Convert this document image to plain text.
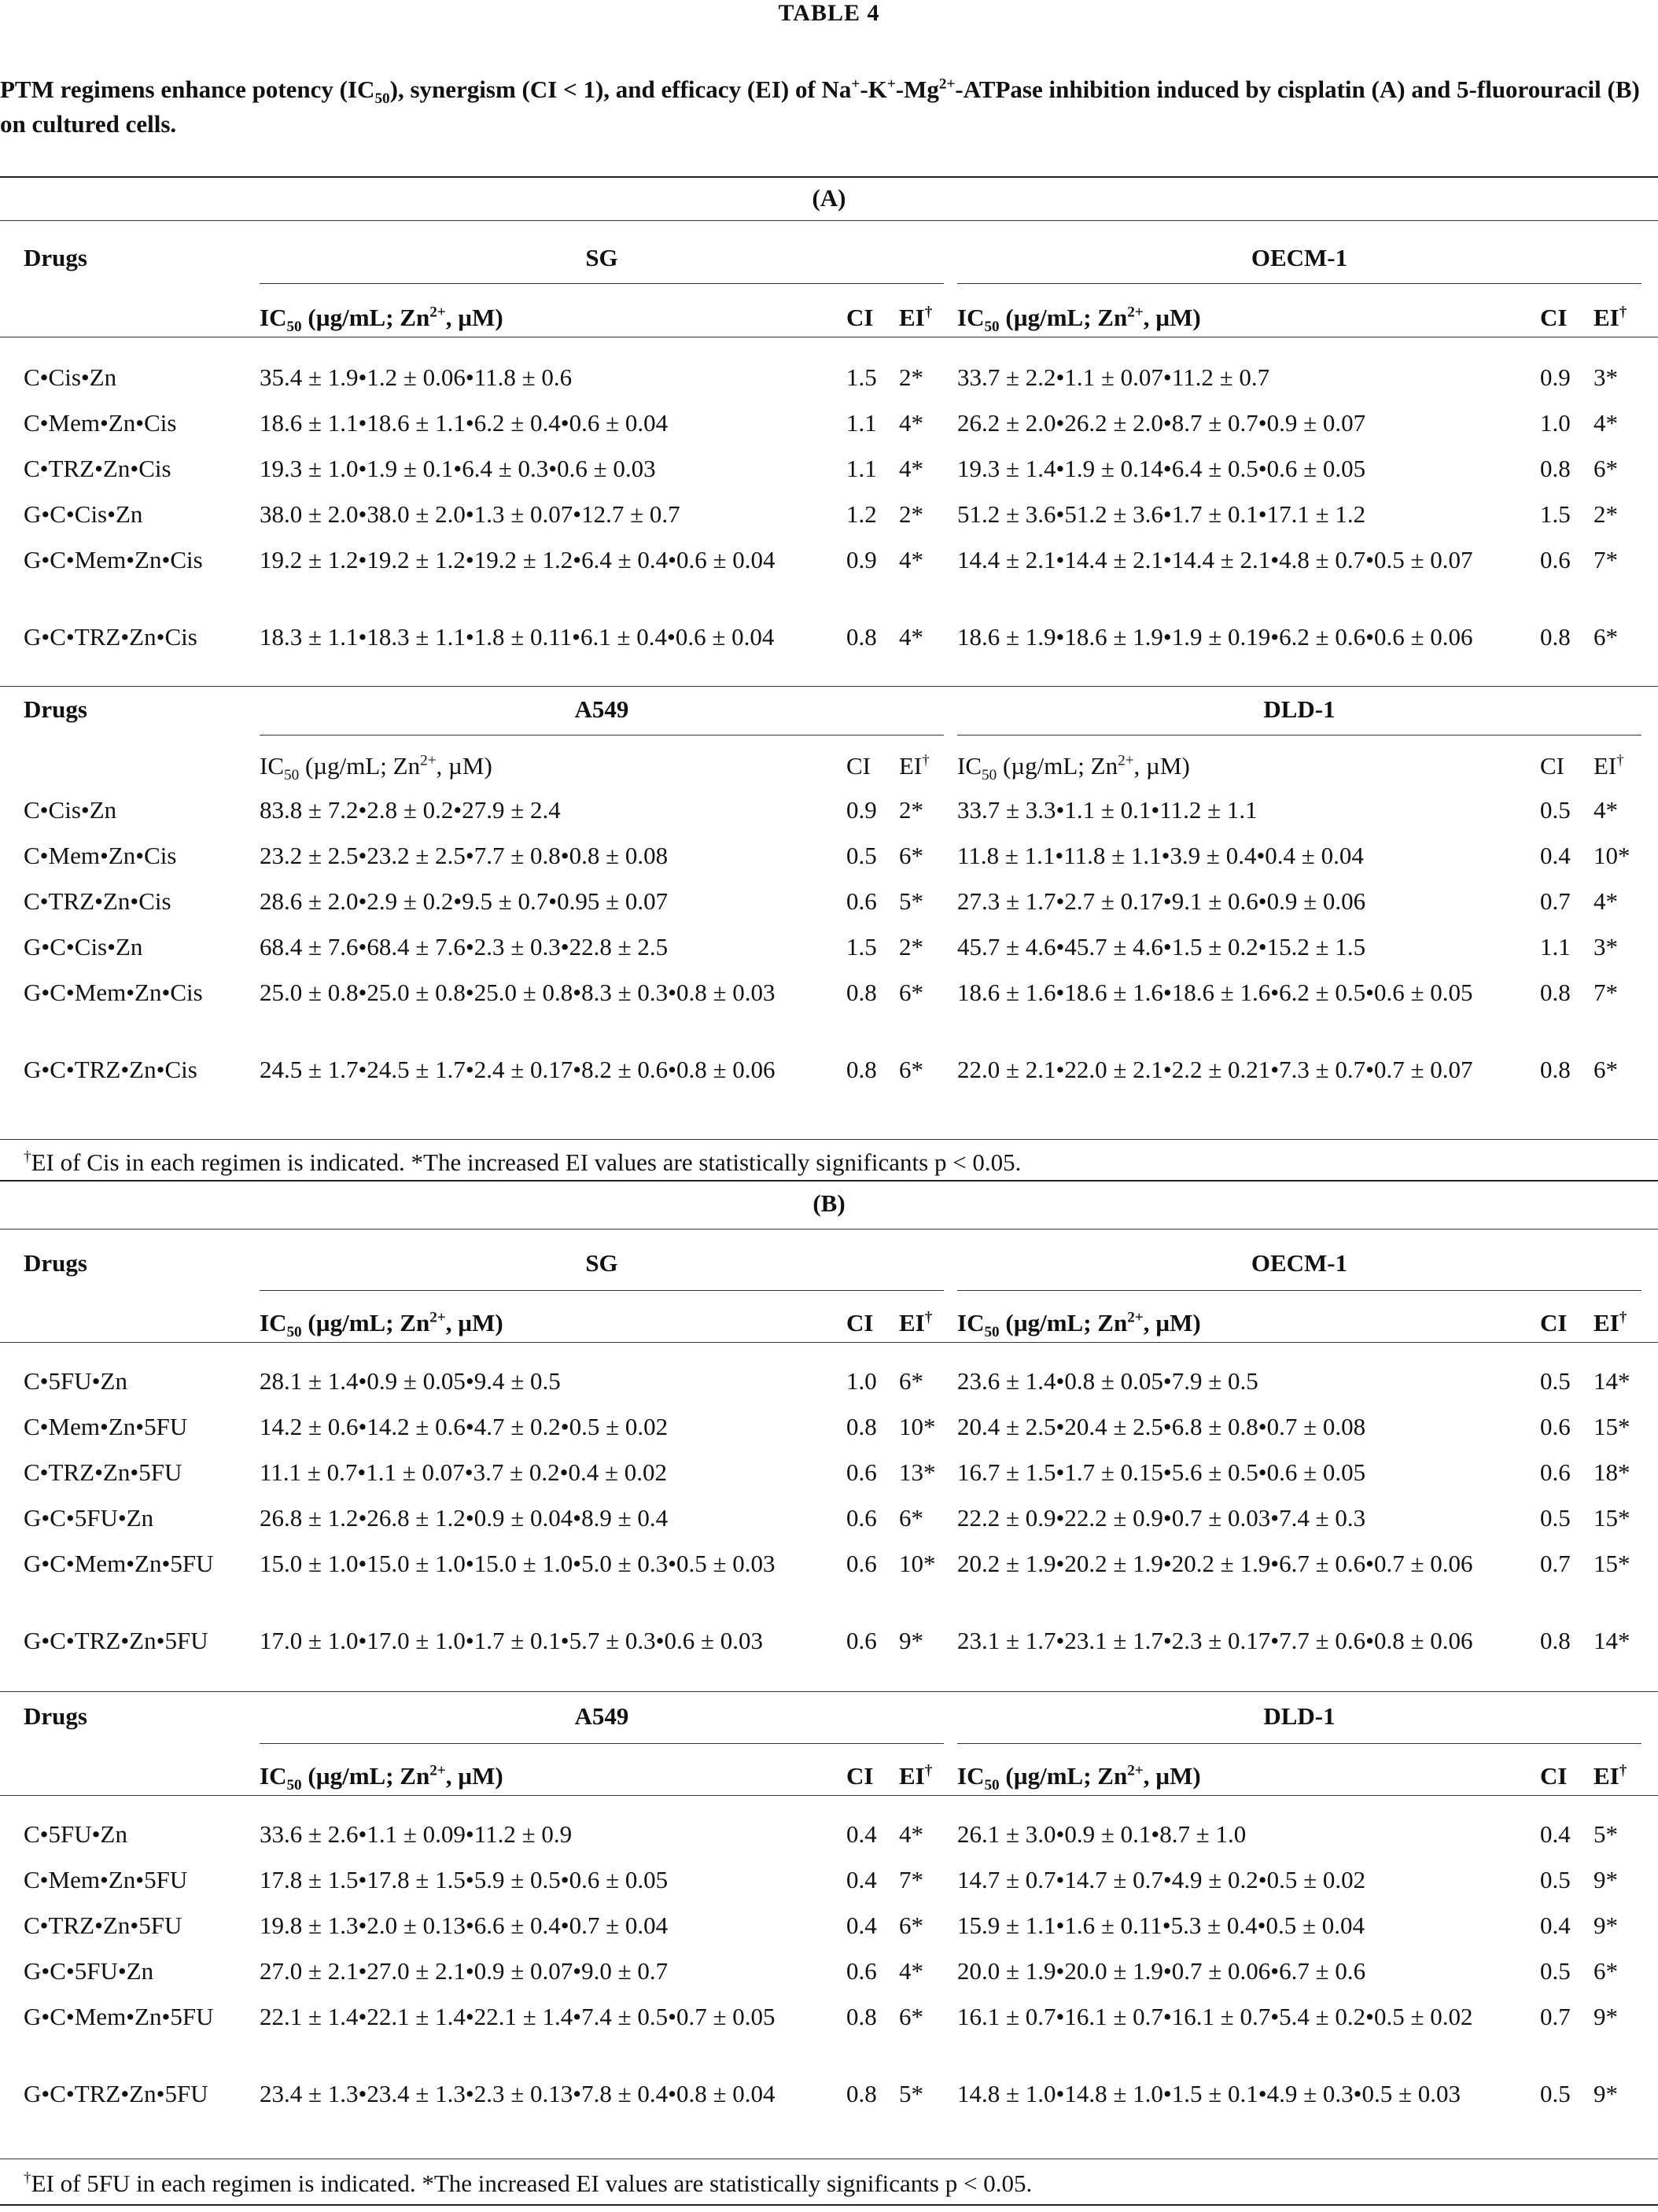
TABLE 4
PTM regimens enhance potency $(IC_{50})$, synergism (CI < 1), and efficacy (EI) of $Na^+-K^+-Mg^{2+}$-ATPase inhibition induced by cisplatin (A) and 5-fluorouracil (B) on cultured cells.
(A)
Drugs	SG	OECM-1
$IC_{50}$ (µg/mL; $Zn^{2+}$, µM)	CI EI† $IC_{50}$ (µg/mL; $Zn^{2+}$, µM)	CI EI†
C•Cis•Zn	35.4 ± 1.9•1.2 ± 0.06•11.8 ± 0.6	1.5 2* 33.7 ± 2.2•1.1 ± 0.07•11.2 ± 0.7	0.9 3*
C•Mem•Zn•Cis	18.6 ± 1.1•18.6 ± 1.1•6.2 ± 0.4•0.6 ± 0.04	1.1 4* 26.2 ± 2.0•26.2 ± 2.0•8.7 ± 0.7•0.9 ± 0.07	1.0 4*
C•TRZ•Zn•Cis	19.3 ± 1.0•1.9 ± 0.1•6.4 ± 0.3•0.6 ± 0.03	1.1 4* 19.3 ± 1.4•1.9 ± 0.14•6.4 ± 0.5•0.6 ± 0.05	0.8 6*
G•C•Cis•Zn	38.0 ± 2.0•38.0 ± 2.0•1.3 ± 0.07•12.7 ± 0.7	1.2 2* 51.2 ± 3.6•51.2 ± 3.6•1.7 ± 0.1•17.1 ± 1.2	1.5 2*
G•C•Mem•Zn•Cis 19.2 ± 1.2•19.2 ± 1.2•19.2 ± 1.2•6.4 ± 0.4•0.6 ± 0.04	0.9 4* 14.4 ± 2.1•14.4 ± 2.1•14.4 ± 2.1•4.8 ± 0.7•0.5 ± 0.07	0.6 7*
G•C•TRZ•Zn•Cis	18.3 ± 1.1•18.3 ± 1.1•1.8 ± 0.11•6.1 ± 0.4•0.6 ± 0.04	0.8 4* 18.6 ± 1.9•18.6 ± 1.9•1.9 ± 0.19•6.2 ± 0.6•0.6 ± 0.06	0.8 6*
Drugs	A549	DLD-1
$IC_{50}$ (µg/mL; $Zn^{2+}$, µM)	CI EI† $IC_{50}$ (µg/mL; $Zn^{2+}$, µM)	CI EI†
C•Cis•Zn	83.8 ± 7.2•2.8 ± 0.2•27.9 ± 2.4	0.9 2* 33.7 ± 3.3•1.1 ± 0.1•11.2 ± 1.1	0.5 4*
C•Mem•Zn•Cis	23.2 ± 2.5•23.2 ± 2.5•7.7 ± 0.8•0.8 ± 0.08	0.5 6* 11.8 ± 1.1•11.8 ± 1.1•3.9 ± 0.4•0.4 ± 0.04	0.4 10*
C•TRZ•Zn•Cis	28.6 ± 2.0•2.9 ± 0.2•9.5 ± 0.7•0.95 ± 0.07	0.6 5* 27.3 ± 1.7•2.7 ± 0.17•9.1 ± 0.6•0.9 ± 0.06	0.7 4*
G•C•Cis•Zn	68.4 ± 7.6•68.4 ± 7.6•2.3 ± 0.3•22.8 ± 2.5	1.5 2* 45.7 ± 4.6•45.7 ± 4.6•1.5 ± 0.2•15.2 ± 1.5	1.1 3*
G•C•Mem•Zn•Cis 25.0 ± 0.8•25.0 ± 0.8•25.0 ± 0.8•8.3 ± 0.3•0.8 ± 0.03	0.8 6* 18.6 ± 1.6•18.6 ± 1.6•18.6 ± 1.6•6.2 ± 0.5•0.6 ± 0.05	0.8 7*
G•C•TRZ•Zn•Cis	24.5 ± 1.7•24.5 ± 1.7•2.4 ± 0.17•8.2 ± 0.6•0.8 ± 0.06	0.8 6* 22.0 ± 2.1•22.0 ± 2.1•2.2 ± 0.21•7.3 ± 0.7•0.7 ± 0.07	0.8 6*
†EI of Cis in each regimen is indicated. *The increased EI values are statistically significants p < 0.05.
(B)
Drugs	SG	OECM-1
$IC_{50}$ (µg/mL; $Zn^{2+}$, µM)	CI EI† $IC_{50}$ (µg/mL; $Zn^{2+}$, µM)	CI EI†
C•5FU•Zn	28.1 ± 1.4•0.9 ± 0.05•9.4 ± 0.5	1.0 6* 23.6 ± 1.4•0.8 ± 0.05•7.9 ± 0.5	0.5 14*
C•Mem•Zn•5FU	14.2 ± 0.6•14.2 ± 0.6•4.7 ± 0.2•0.5 ± 0.02	0.8 10* 20.4 ± 2.5•20.4 ± 2.5•6.8 ± 0.8•0.7 ± 0.08	0.6 15*
C•TRZ•Zn•5FU	11.1 ± 0.7•1.1 ± 0.07•3.7 ± 0.2•0.4 ± 0.02	0.6 13* 16.7 ± 1.5•1.7 ± 0.15•5.6 ± 0.5•0.6 ± 0.05	0.6 18*
G•C•5FU•Zn	26.8 ± 1.2•26.8 ± 1.2•0.9 ± 0.04•8.9 ± 0.4	0.6 6* 22.2 ± 0.9•22.2 ± 0.9•0.7 ± 0.03•7.4 ± 0.3	0.5 15*
G•C•Mem•Zn•5FU 15.0 ± 1.0•15.0 ± 1.0•15.0 ± 1.0•5.0 ± 0.3•0.5 ± 0.03	0.6 10* 20.2 ± 1.9•20.2 ± 1.9•20.2 ± 1.9•6.7 ± 0.6•0.7 ± 0.06	0.7 15*
G•C•TRZ•Zn•5FU 17.0 ± 1.0•17.0 ± 1.0•1.7 ± 0.1•5.7 ± 0.3•0.6 ± 0.03	0.6 9* 23.1 ± 1.7•23.1 ± 1.7•2.3 ± 0.17•7.7 ± 0.6•0.8 ± 0.06	0.8 14*
Drugs	A549	DLD-1
$IC_{50}$ (µg/mL; $Zn^{2+}$, µM)	CI EI† $IC_{50}$ (µg/mL; $Zn^{2+}$, µM)	CI EI†
C•5FU•Zn	33.6 ± 2.6•1.1 ± 0.09•11.2 ± 0.9	0.4 4* 26.1 ± 3.0•0.9 ± 0.1•8.7 ± 1.0	0.4 5*
C•Mem•Zn•5FU	17.8 ± 1.5•17.8 ± 1.5•5.9 ± 0.5•0.6 ± 0.05	0.4 7* 14.7 ± 0.7•14.7 ± 0.7•4.9 ± 0.2•0.5 ± 0.02	0.5 9*
C•TRZ•Zn•5FU	19.8 ± 1.3•2.0 ± 0.13•6.6 ± 0.4•0.7 ± 0.04	0.4 6* 15.9 ± 1.1•1.6 ± 0.11•5.3 ± 0.4•0.5 ± 0.04	0.4 9*
G•C•5FU•Zn	27.0 ± 2.1•27.0 ± 2.1•0.9 ± 0.07•9.0 ± 0.7	0.6 4* 20.0 ± 1.9•20.0 ± 1.9•0.7 ± 0.06•6.7 ± 0.6	0.5 6*
G•C•Mem•Zn•5FU 22.1 ± 1.4•22.1 ± 1.4•22.1 ± 1.4•7.4 ± 0.5•0.7 ± 0.05	0.8 6* 16.1 ± 0.7•16.1 ± 0.7•16.1 ± 0.7•5.4 ± 0.2•0.5 ± 0.02	0.7 9*
G•C•TRZ•Zn•5FU 23.4 ± 1.3•23.4 ± 1.3•2.3 ± 0.13•7.8 ± 0.4•0.8 ± 0.04	0.8 5* 14.8 ± 1.0•14.8 ± 1.0•1.5 ± 0.1•4.9 ± 0.3•0.5 ± 0.03	0.5 9*
†EI of 5FU in each regimen is indicated. *The increased EI values are statistically significants p < 0.05.
